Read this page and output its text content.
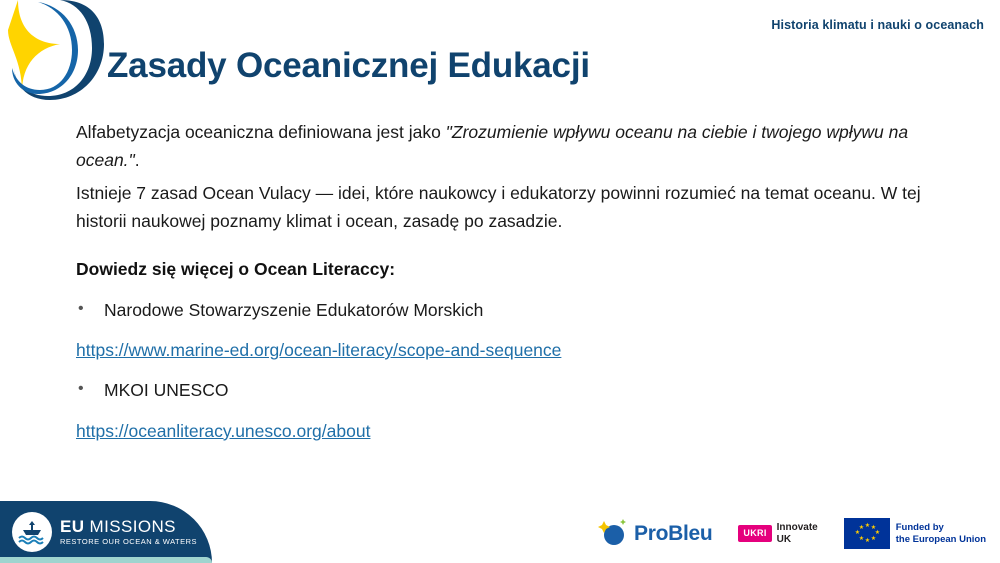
Historia klimatu i nauki o oceanach
Zasady Oceanicznej Edukacji
Alfabetyzacja oceaniczna definiowana jest jako "Zrozumienie wpływu oceanu na ciebie i twojego wpływu na ocean.".
Istnieje 7 zasad Ocean Vulacy — idei, które naukowcy i edukatorzy powinni rozumieć na temat oceanu. W tej historii naukowej poznamy klimat i ocean, zasadę po zasadzie.
Dowiedz się więcej o Ocean Literaccy:
•	Narodowe Stowarzyszenie Edukatorów Morskich
https://www.marine-ed.org/ocean-literacy/scope-and-sequence
•	MKOI UNESCO
https://oceanliteracy.unesco.org/about
EU MISSIONS
RESTORE OUR OCEAN & WATERS	ProBleu	UKRI	Innovate
UK
★
★ ★
★ ★
★ ★
★
Funded by
the European Union
